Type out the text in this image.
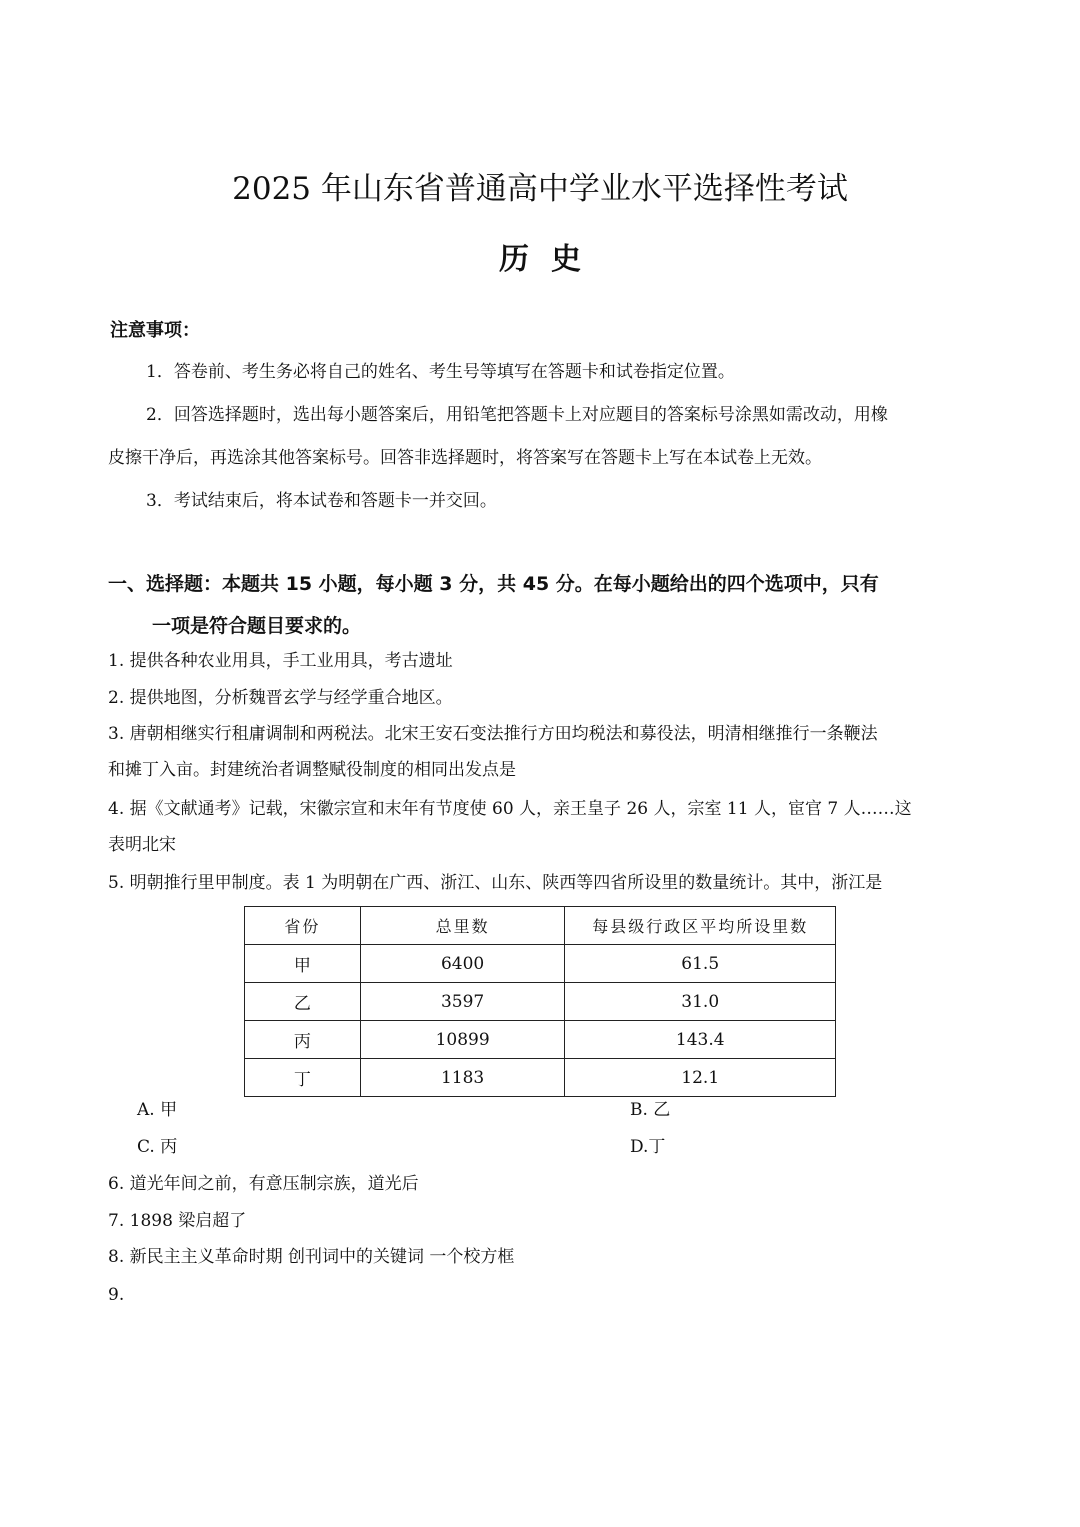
2025 年山东省普通高中学业水平选择性考试
历史
注意事项：
1．答卷前、考生务必将自己的姓名、考生号等填写在答题卡和试卷指定位置。
2．回答选择题时，选出每小题答案后，用铅笔把答题卡上对应题目的答案标号涂黑如需改动，用橡
皮擦干净后，再选涂其他答案标号。回答非选择题时，将答案写在答题卡上写在本试卷上无效。
3．考试结束后，将本试卷和答题卡一并交回。
一、选择题：本题共 15 小题，每小题 3 分，共 45 分。在每小题给出的四个选项中，只有
一项是符合题目要求的。
1. 提供各种农业用具，手工业用具，考古遗址
2. 提供地图，分析魏晋玄学与经学重合地区。
3. 唐朝相继实行租庸调制和两税法。北宋王安石变法推行方田均税法和募役法，明清相继推行一条鞭法
和摊丁入亩。封建统治者调整赋役制度的相同出发点是
4. 据《文献通考》记载，宋徽宗宣和末年有节度使 60 人，亲王皇子 26 人，宗室 11 人，宦官 7 人……这
表明北宋
5. 明朝推行里甲制度。表 1 为明朝在广西、浙江、山东、陕西等四省所设里的数量统计。其中，浙江是
省份	总里数	每县级行政区平均所设里数
甲	6400	61.5
乙	3597	31.0
丙	10899	143.4
丁	1183	12.1
A. 甲	B. 乙
C. 丙	D.丁
6. 道光年间之前，有意压制宗族，道光后
7. 1898 梁启超了
8. 新民主主义革命时期 创刊词中的关键词 一个校方框
9.
